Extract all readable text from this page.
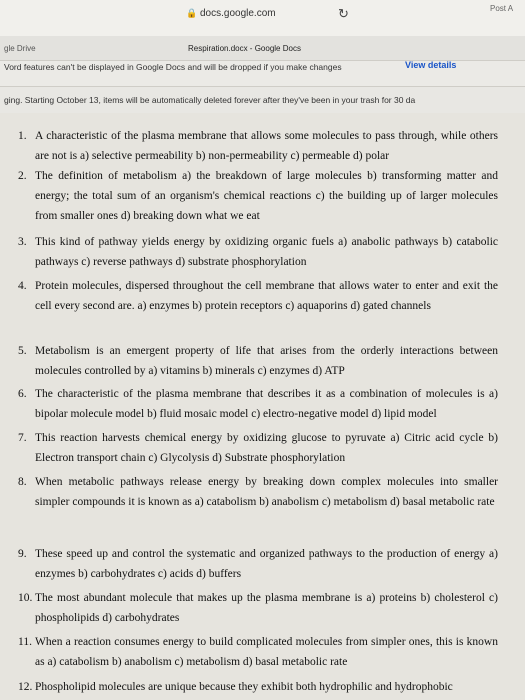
🔒 docs.google.com	↻	Post A
gle Drive	Respiration.docx - Google Docs
Vord features can't be displayed in Google Docs and will be dropped if you make changes	View details
ging. Starting October 13, items will be automatically deleted forever after they've been in your trash for 30 da
1. A characteristic of the plasma membrane that allows some molecules to pass through, while others are not is a) selective permeability b) non-permeability c) permeable d) polar
2. The definition of metabolism a) the breakdown of large molecules b) transforming matter and energy; the total sum of an organism's chemical reactions c) the building up of larger molecules from smaller ones d) breaking down what we eat
3. This kind of pathway yields energy by oxidizing organic fuels a) anabolic pathways b) catabolic pathways c) reverse pathways d) substrate phosphorylation
4. Protein molecules, dispersed throughout the cell membrane that allows water to enter and exit the cell every second are. a) enzymes b) protein receptors c) aquaporins d) gated channels
5. Metabolism is an emergent property of life that arises from the orderly interactions between molecules controlled by a) vitamins b) minerals c) enzymes d) ATP
6. The characteristic of the plasma membrane that describes it as a combination of molecules is a) bipolar molecule model b) fluid mosaic model c) electro-negative model d) lipid model
7. This reaction harvests chemical energy by oxidizing glucose to pyruvate a) Citric acid cycle b) Electron transport chain c) Glycolysis d) Substrate phosphorylation
8. When metabolic pathways release energy by breaking down complex molecules into smaller simpler compounds it is known as a) catabolism b) anabolism c) metabolism d) basal metabolic rate
9. These speed up and control the systematic and organized pathways to the production of energy a) enzymes b) carbohydrates c) acids d) buffers
10. The most abundant molecule that makes up the plasma membrane is a) proteins b) cholesterol c) phospholipids d) carbohydrates
11. When a reaction consumes energy to build complicated molecules from simpler ones, this is known as a) catabolism b) anabolism c) metabolism d) basal metabolic rate
12. Phospholipid molecules are unique because they exhibit both hydrophilic and hydrophobic
